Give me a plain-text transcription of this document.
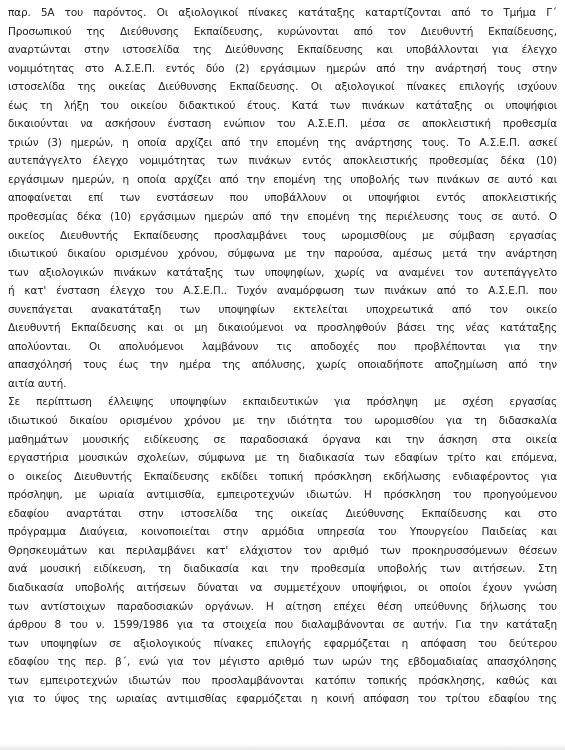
παρ. 5Α του παρόντος. Οι αξιολογικοί πίνακες κατάταξης καταρτίζονται από το Τμήμα Γ΄
Προσωπικού της Διεύθυνσης Εκπαίδευσης, κυρώνονται από τον Διευθυντή Εκπαίδευσης,
αναρτώνται στην ιστοσελίδα της Διεύθυνσης Εκπαίδευσης και υποβάλλονται για έλεγχο
νομιμότητας στο Α.Σ.Ε.Π. εντός δύο (2) εργάσιμων ημερών από την ανάρτησή τους στην
ιστοσελίδα της οικείας Διεύθυνσης Εκπαίδευσης. Οι αξιολογικοί πίνακες επιλογής ισχύουν
έως τη λήξη του οικείου διδακτικού έτους. Κατά των πινάκων κατάταξης οι υποψήφιοι
δικαιούνται να ασκήσουν ένσταση ενώπιον του Α.Σ.Ε.Π. μέσα σε αποκλειστική προθεσμία
τριών (3) ημερών, η οποία αρχίζει από την επομένη της ανάρτησης τους. Το Α.Σ.Ε.Π. ασκεί
αυτεπάγγελτο έλεγχο νομιμότητας των πινάκων εντός αποκλειστικής προθεσμίας δέκα (10)
εργάσιμων ημερών, η οποία αρχίζει από την επομένη της υποβολής των πινάκων σε αυτό και
αποφαίνεται επί των ενστάσεων που υποβάλλουν οι υποψήφιοι εντός αποκλειστικής
προθεσμίας δέκα (10) εργάσιμων ημερών από την επομένη της περιέλευσης τους σε αυτό. Ο
οικείος Διευθυντής Εκπαίδευσης προσλαμβάνει τους ωρομισθίους με σύμβαση εργασίας
ιδιωτικού δικαίου ορισμένου χρόνου, σύμφωνα με την παρούσα, αμέσως μετά την ανάρτηση
των αξιολογικών πινάκων κατάταξης των υποψηφίων, χωρίς να αναμένει τον αυτεπάγγελτο
ή κατ' ένσταση έλεγχο του Α.Σ.Ε.Π.. Τυχόν αναμόρφωση των πινάκων από το Α.Σ.Ε.Π. που
συνεπάγεται ανακατάταξη των υποψηφίων εκτελείται υποχρεωτικά από τον οικείο
Διευθυντή Εκπαίδευσης και οι μη δικαιούμενοι να προσληφθούν βάσει της νέας κατάταξης
απολύονται. Οι απολυόμενοι λαμβάνουν τις αποδοχές που προβλέπονται για την
απασχόλησή τους έως την ημέρα της απόλυσης, χωρίς οποιαδήποτε αποζημίωση από την
αιτία αυτή.
Σε περίπτωση έλλειψης υποψηφίων εκπαιδευτικών για πρόσληψη με σχέση εργασίας
ιδιωτικού δικαίου ορισμένου χρόνου με την ιδιότητα του ωρομισθίου για τη διδασκαλία
μαθημάτων μουσικής ειδίκευσης σε παραδοσιακά όργανα και την άσκηση στα οικεία
εργαστήρια μουσικών σχολείων, σύμφωνα με τη διαδικασία των εδαφίων τρίτο και επόμενα,
ο οικείος Διευθυντής Εκπαίδευσης εκδίδει τοπική πρόσκληση εκδήλωσης ενδιαφέροντος για
πρόσληψη, με ωριαία αντιμισθία, εμπειροτεχνών ιδιωτών. Η πρόσκληση του προηγούμενου
εδαφίου αναρτάται στην ιστοσελίδα της οικείας Διεύθυνσης Εκπαίδευσης και στο
πρόγραμμα Διαύγεια, κοινοποιείται στην αρμόδια υπηρεσία του Υπουργείου Παιδείας και
Θρησκευμάτων και περιλαμβάνει κατ' ελάχιστον τον αριθμό των προκηρυσσόμενων θέσεων
ανά μουσική ειδίκευση, τη διαδικασία και την προθεσμία υποβολής των αιτήσεων. Στη
διαδικασία υποβολής αιτήσεων δύναται να συμμετέχουν υποψήφιοι, οι οποίοι έχουν γνώση
των αντίστοιχων παραδοσιακών οργάνων. Η αίτηση επέχει θέση υπεύθυνης δήλωσης του
άρθρου 8 του ν. 1599/1986 για τα στοιχεία που διαλαμβάνονται σε αυτήν. Για την κατάταξη
των υποψηφίων σε αξιολογικούς πίνακες επιλογής εφαρμόζεται η απόφαση του δεύτερου
εδαφίου της περ. β΄, ενώ για τον μέγιστο αριθμό των ωρών της εβδομαδιαίας απασχόλησης
των εμπειροτεχνών ιδιωτών που προσλαμβάνονται κατόπιν τοπικής πρόσκλησης, καθώς και
για το ύψος της ωριαίας αντιμισθίας εφαρμόζεται η κοινή απόφαση του τρίτου εδαφίου της
